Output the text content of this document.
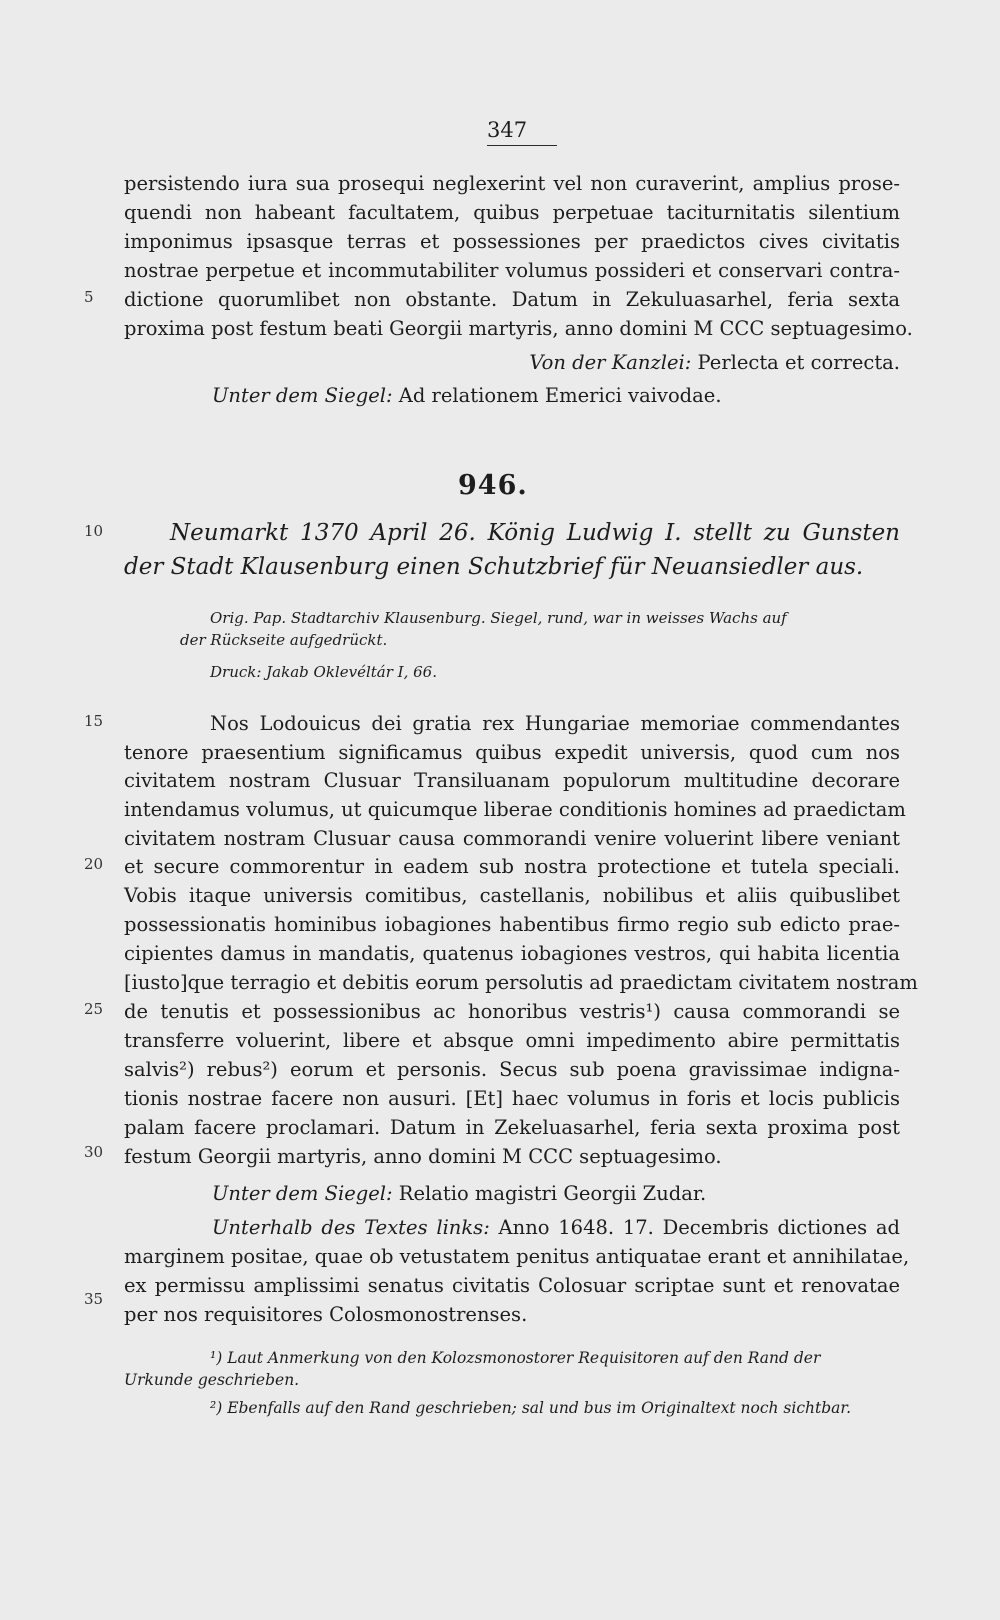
347
5
10
15
20
25
30
35
persistendo iura sua prosequi neglexerint vel non curaverint, amplius prose-
quendi non habeant facultatem, quibus perpetuae taciturnitatis silentium
imponimus ipsasque terras et possessiones per praedictos cives civitatis
nostrae perpetue et incommutabiliter volumus possideri et conservari contra-
dictione quorumlibet non obstante. Datum in Zekuluasarhel, feria sexta
proxima post festum beati Georgii martyris, anno domini M CCC septuagesimo.
Von der Kanzlei: Perlecta et correcta.
Unter dem Siegel: Ad relationem Emerici vaivodae.
946.
Neumarkt 1370 April 26. König Ludwig I. stellt zu Gunsten
der Stadt Klausenburg einen Schutzbrief für Neuansiedler aus.
Orig. Pap. Stadtarchiv Klausenburg. Siegel, rund, war in weisses Wachs auf
der Rückseite aufgedrückt.
Druck: Jakab Oklevéltár I, 66.
Nos Lodouicus dei gratia rex Hungariae memoriae commendantes
tenore praesentium significamus quibus expedit universis, quod cum nos
civitatem nostram Clusuar Transiluanam populorum multitudine decorare
intendamus volumus, ut quicumque liberae conditionis homines ad praedictam
civitatem nostram Clusuar causa commorandi venire voluerint libere veniant
et secure commorentur in eadem sub nostra protectione et tutela speciali.
Vobis itaque universis comitibus, castellanis, nobilibus et aliis quibuslibet
possessionatis hominibus iobagiones habentibus firmo regio sub edicto prae-
cipientes damus in mandatis, quatenus iobagiones vestros, qui habita licentia
[iusto]que terragio et debitis eorum persolutis ad praedictam civitatem nostram
de tenutis et possessionibus ac honoribus vestris¹) causa commorandi se
transferre voluerint, libere et absque omni impedimento abire permittatis
salvis²) rebus²) eorum et personis. Secus sub poena gravissimae indigna-
tionis nostrae facere non ausuri. [Et] haec volumus in foris et locis publicis
palam facere proclamari. Datum in Zekeluasarhel, feria sexta proxima post
festum Georgii martyris, anno domini M CCC septuagesimo.
Unter dem Siegel: Relatio magistri Georgii Zudar.
Unterhalb des Textes links: Anno 1648. 17. Decembris dictiones ad
marginem positae, quae ob vetustatem penitus antiquatae erant et annihilatae,
ex permissu amplissimi senatus civitatis Colosuar scriptae sunt et renovatae
per nos requisitores Colosmonostrenses.
¹) Laut Anmerkung von den Kolozsmonostorer Requisitoren auf den Rand der
Urkunde geschrieben.
²) Ebenfalls auf den Rand geschrieben; sal und bus im Originaltext noch sichtbar.
